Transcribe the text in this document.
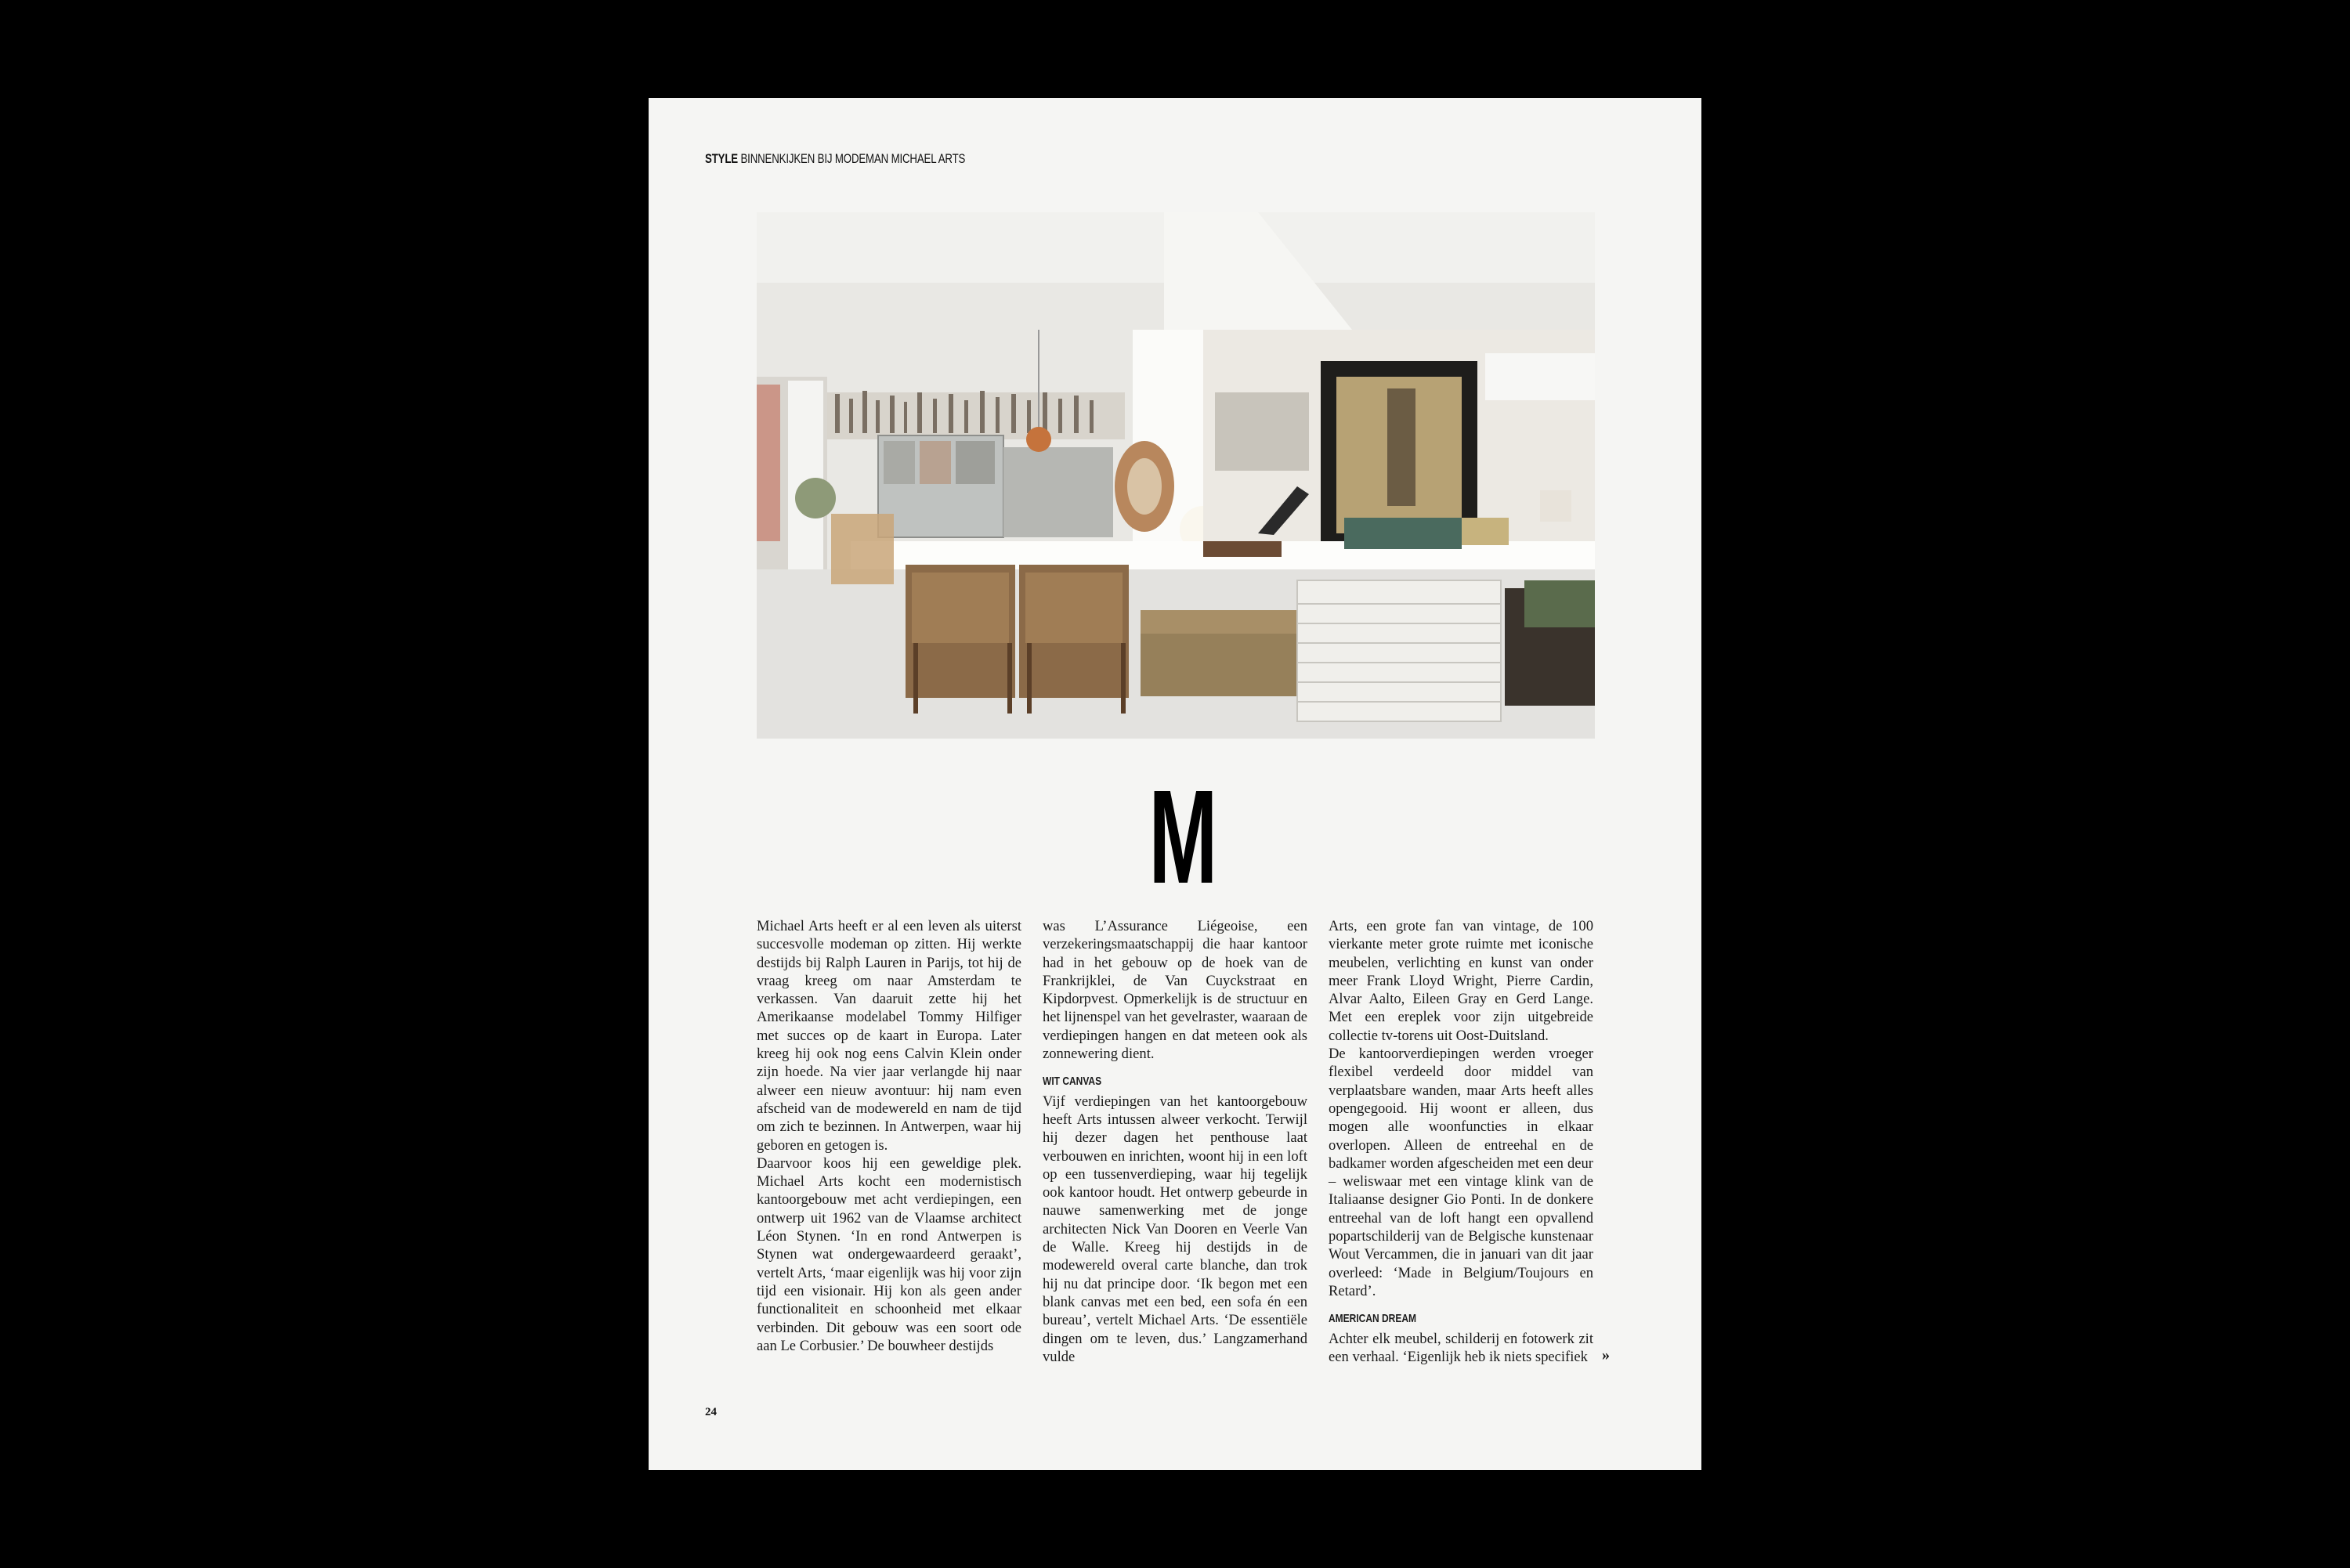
STYLE BINNENKIJKEN BIJ MODEMAN MICHAEL ARTS
M

Michael Arts heeft er al een leven als uiterst succesvolle modeman op zitten. Hij werkte destijds bij Ralph Lauren in Parijs, tot hij de vraag kreeg om naar Amsterdam te verkassen. Van daaruit zette hij het Amerikaanse modelabel Tommy Hilfiger met succes op de kaart in Europa. Later kreeg hij ook nog eens Calvin Klein onder zijn hoede. Na vier jaar verlangde hij naar alweer een nieuw avontuur: hij nam even afscheid van de modewereld en nam de tijd om zich te bezinnen. In Antwerpen, waar hij geboren en getogen is.

Daarvoor koos hij een geweldige plek. Michael Arts kocht een modernistisch kantoorgebouw met acht verdiepingen, een ontwerp uit 1962 van de Vlaamse architect Léon Stynen. ‘In en rond Antwerpen is Stynen wat ondergewaardeerd geraakt’, vertelt Arts, ‘maar eigenlijk was hij voor zijn tijd een visionair. Hij kon als geen ander functionaliteit en schoonheid met elkaar verbinden. Dit gebouw was een soort ode aan Le Corbusier.’ De bouwheer destijds

was L’Assurance Liégeoise, een verzekeringsmaatschappij die haar kantoor had in het gebouw op de hoek van de Frankrijklei, de Van Cuyckstraat en Kipdorpvest. Opmerkelijk is de structuur en het lijnenspel van het gevelraster, waaraan de verdiepingen hangen en dat meteen ook als zonnewering dient.

WIT CANVAS

Vijf verdiepingen van het kantoorgebouw heeft Arts intussen alweer verkocht. Terwijl hij dezer dagen het penthouse laat verbouwen en inrichten, woont hij in een loft op een tussenverdieping, waar hij tegelijk ook kantoor houdt. Het ontwerp gebeurde in nauwe samenwerking met de jonge architecten Nick Van Dooren en Veerle Van de Walle. Kreeg hij destijds in de modewereld overal carte blanche, dan trok hij nu dat principe door. ‘Ik begon met een blank canvas met een bed, een sofa én een bureau’, vertelt Michael Arts. ‘De essentiële dingen om te leven, dus.’ Langzamerhand vulde

Arts, een grote fan van vintage, de 100 vierkante meter grote ruimte met iconische meubelen, verlichting en kunst van onder meer Frank Lloyd Wright, Pierre Cardin, Alvar Aalto, Eileen Gray en Gerd Lange. Met een ereplek voor zijn uitgebreide collectie tv-torens uit Oost-Duitsland.

De kantoorverdiepingen werden vroeger flexibel verdeeld door middel van verplaatsbare wanden, maar Arts heeft alles opengegooid. Hij woont er alleen, dus mogen alle woonfuncties in elkaar overlopen. Alleen de entreehal en de badkamer worden afgescheiden met een deur – weliswaar met een vintage klink van de Italiaanse designer Gio Ponti. In de donkere entreehal van de loft hangt een opvallend popartschilderij van de Belgische kunstenaar Wout Vercammen, die in januari van dit jaar overleed: ‘Made in Belgium/Toujours en Retard’.

AMERICAN DREAM

Achter elk meubel, schilderij en fotowerk zit een verhaal. ‘Eigenlijk heb ik niets specifiek »
24
